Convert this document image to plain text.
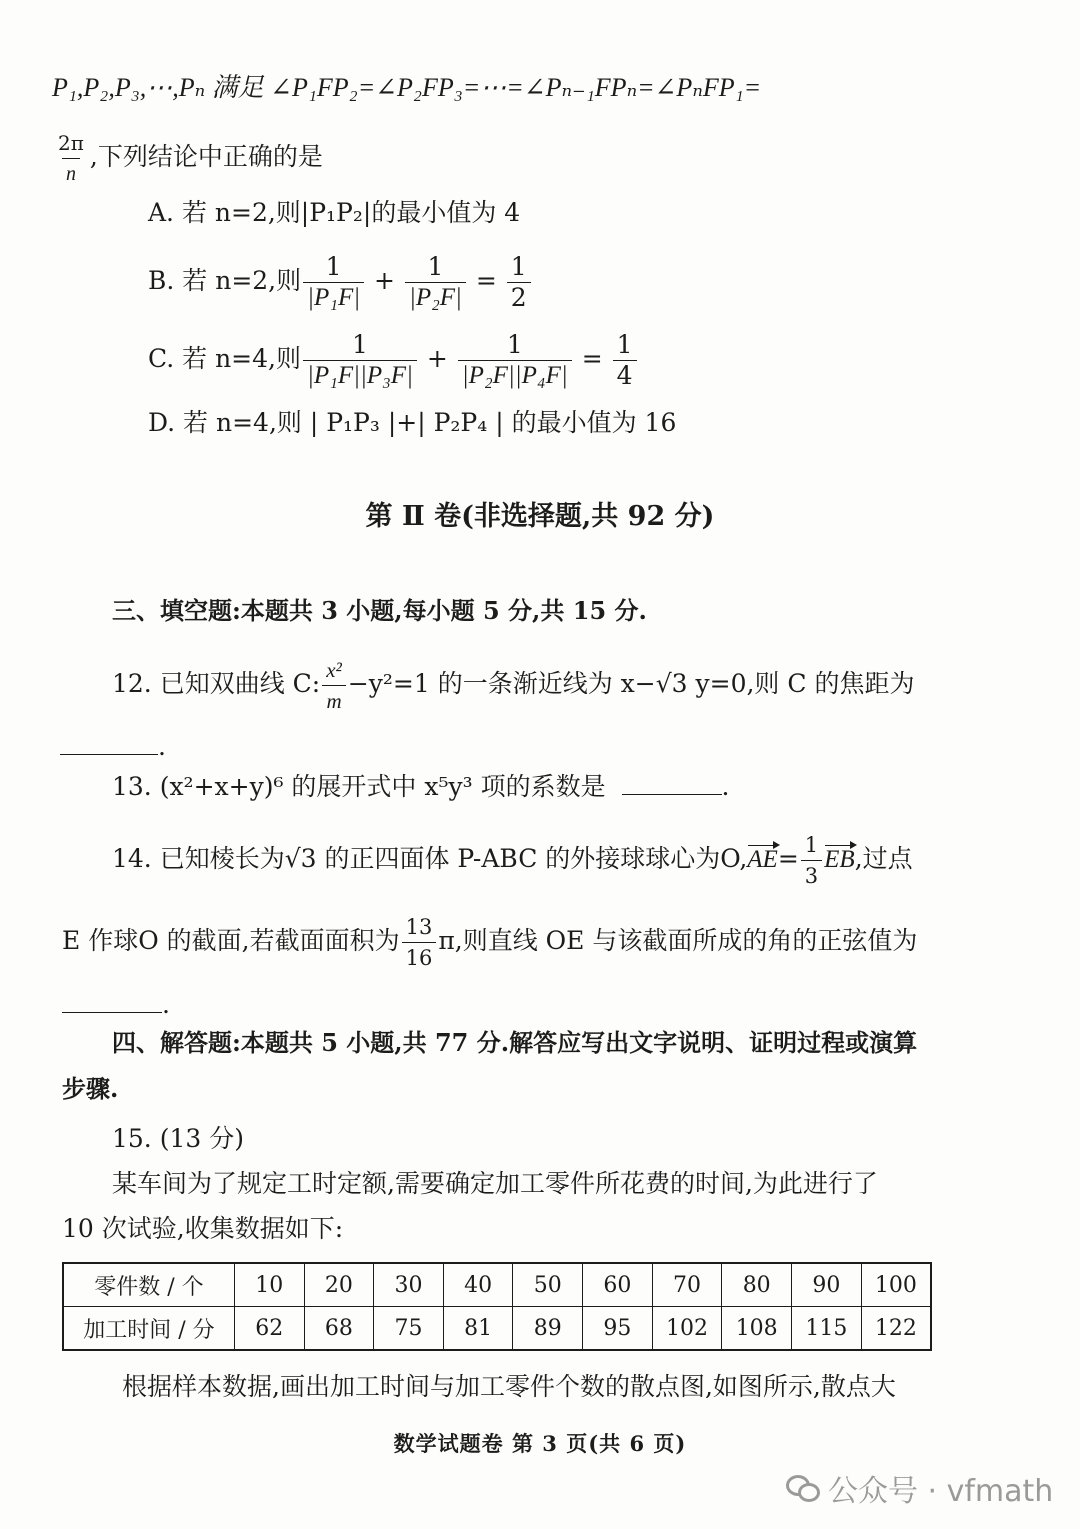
P₁,P₂,P₃,⋯,Pₙ 满足 ∠P₁FP₂=∠P₂FP₃=⋯=∠Pₙ₋₁FPₙ=∠PₙFP₁=
$\frac{2\pi}{n}$ ,下列结论中正确的是
A. 若 n=2,则|P₁P₂|的最小值为 4
B. 若 n=2,则 $\frac{1}{\text{|P₁F|}} + \frac{1}{\text{|P₂F|}} = \frac{1}{2}$
C. 若 n=4,则 $\frac{1}{\text{|P₁F||P₃F|}} + \frac{1}{\text{|P₂F||P₄F|}} = \frac{1}{4}$
D. 若 n=4,则 | P₁P₃ |+| P₂P₄ | 的最小值为 16
第 Ⅱ 卷(非选择题,共 92 分)
三、填空题:本题共 3 小题,每小题 5 分,共 15 分.
12. 已知双曲线 C: $\frac{\text{x²}}{m} -y^2=1$ 的一条渐近线为 x−√3 y=0,则 C 的焦距为
.
13. (x²+x+y)⁶ 的展开式中 x⁵y³ 项的系数是	.
14. 已知棱长为√3 的正四面体 P-ABC 的外接球球心为$O,AE= \frac{1}{3}$ EB,过点
E 作球O 的截面,若截面面积为 $\frac{13}{16} \pi$,则直线 OE 与该截面所成的角的正弦值为
.
四、解答题:本题共 5 小题,共 77 分.解答应写出文字说明、证明过程或演算
步骤.
15. (13 分)
某车间为了规定工时定额,需要确定加工零件所花费的时间,为此进行了
10 次试验,收集数据如下:
零件数 / 个	10	20	30	40	50	60	70	80	90	100
加工时间 / 分	62	68	75	81	89	95	102	108	115	122
根据样本数据,画出加工时间与加工零件个数的散点图,如图所示,散点大
数学试题卷 第 3 页(共 6 页)
公众号 · vfmath
